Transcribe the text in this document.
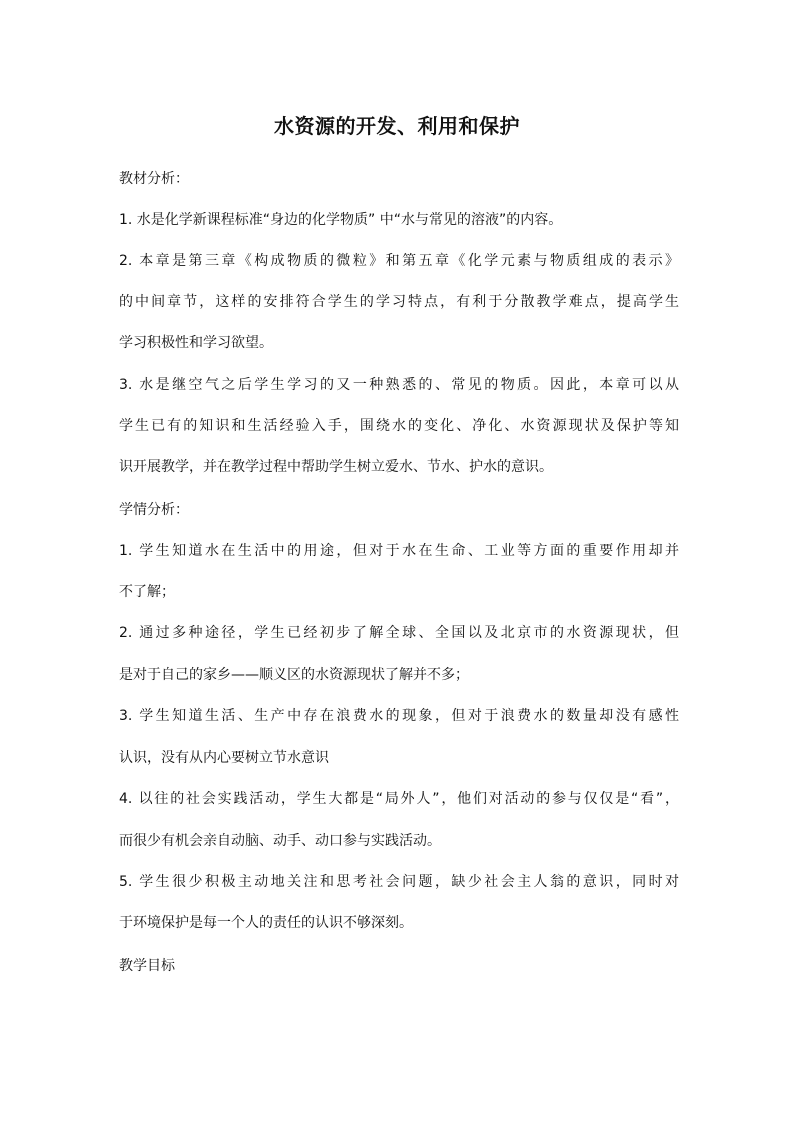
水资源的开发、利用和保护

教材分析：

1. 水是化学新课程标准“身边的化学物质” 中“水与常见的溶液”的内容。

2. 本章是第三章《构成物质的微粒》和第五章《化学元素与物质组成的表示》

的中间章节，这样的安排符合学生的学习特点，有利于分散教学难点，提高学生

学习积极性和学习欲望。

3. 水是继空气之后学生学习的又一种熟悉的、常见的物质。因此，本章可以从

学生已有的知识和生活经验入手，围绕水的变化、净化、水资源现状及保护等知

识开展教学，并在教学过程中帮助学生树立爱水、节水、护水的意识。

学情分析：

1. 学生知道水在生活中的用途，但对于水在生命、工业等方面的重要作用却并

不了解；

2. 通过多种途径，学生已经初步了解全球、全国以及北京市的水资源现状，但

是对于自己的家乡——顺义区的水资源现状了解并不多；

3. 学生知道生活、生产中存在浪费水的现象，但对于浪费水的数量却没有感性

认识，没有从内心要树立节水意识

4. 以往的社会实践活动，学生大都是“局外人”，他们对活动的参与仅仅是“看”，

而很少有机会亲自动脑、动手、动口参与实践活动。

5. 学生很少积极主动地关注和思考社会问题，缺少社会主人翁的意识，同时对

于环境保护是每一个人的责任的认识不够深刻。

教学目标
